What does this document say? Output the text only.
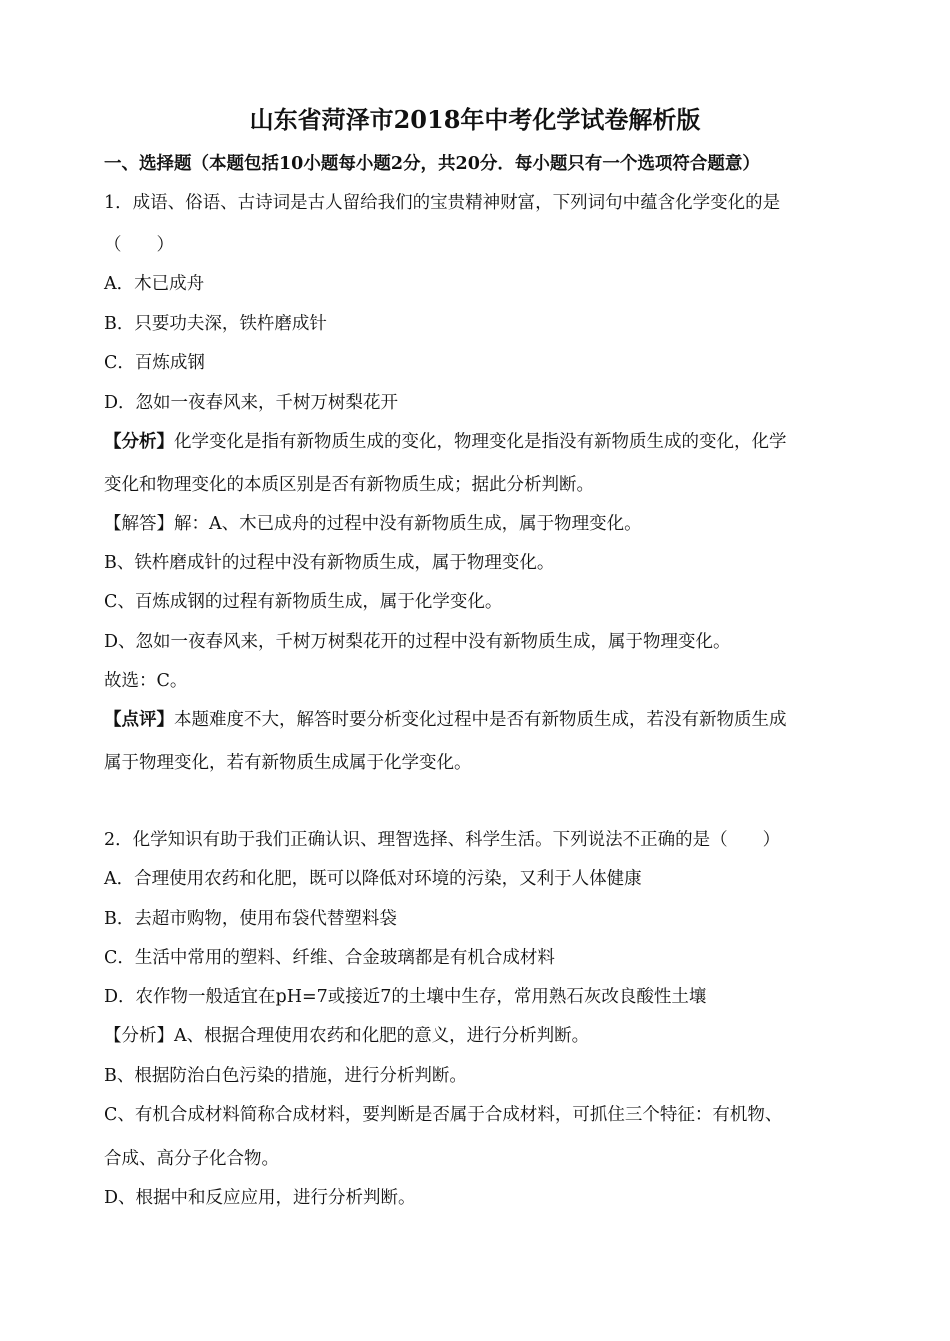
山东省菏泽市2018年中考化学试卷解析版
一、选择题（本题包括10小题每小题2分，共20分．每小题只有一个选项符合题意）
1．成语、俗语、古诗词是古人留给我们的宝贵精神财富，下列词句中蕴含化学变化的是
（　　）
A．木已成舟
B．只要功夫深，铁杵磨成针
C．百炼成钢
D．忽如一夜春风来，千树万树梨花开
【分析】化学变化是指有新物质生成的变化，物理变化是指没有新物质生成的变化，化学
变化和物理变化的本质区别是否有新物质生成；据此分析判断。
【解答】解：A、木已成舟的过程中没有新物质生成，属于物理变化。
B、铁杵磨成针的过程中没有新物质生成，属于物理变化。
C、百炼成钢的过程有新物质生成，属于化学变化。
D、忽如一夜春风来，千树万树梨花开的过程中没有新物质生成，属于物理变化。
故选：C。
【点评】本题难度不大，解答时要分析变化过程中是否有新物质生成，若没有新物质生成
属于物理变化，若有新物质生成属于化学变化。
2．化学知识有助于我们正确认识、理智选择、科学生活。下列说法不正确的是（　　）
A．合理使用农药和化肥，既可以降低对环境的污染，又利于人体健康
B．去超市购物，使用布袋代替塑料袋
C．生活中常用的塑料、纤维、合金玻璃都是有机合成材料
D．农作物一般适宜在pH=7或接近7的土壤中生存，常用熟石灰改良酸性土壤
【分析】A、根据合理使用农药和化肥的意义，进行分析判断。
B、根据防治白色污染的措施，进行分析判断。
C、有机合成材料简称合成材料，要判断是否属于合成材料，可抓住三个特征：有机物、
合成、高分子化合物。
D、根据中和反应应用，进行分析判断。
